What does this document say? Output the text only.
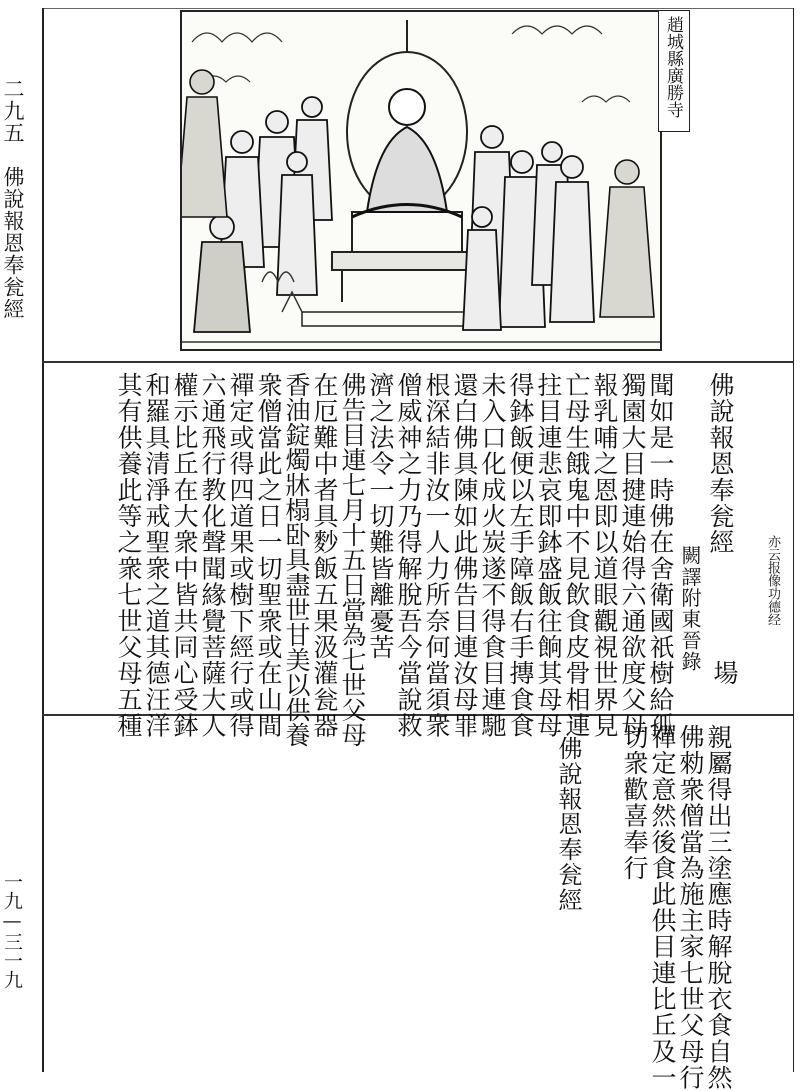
二九五　佛說報恩奉瓮經
一九—三一九
趙城縣廣勝寺
佛說報恩奉瓮經
亦云报像功德经
闕譯附東晉錄
場
聞如是一時佛在舍衛國祇樹給孤
獨園大目揵連始得六通欲度父母
報乳哺之恩即以道眼觀視世界見
亡母生餓鬼中不見飲食皮骨相連
拄目連悲哀即鉢盛飯往餉其母母
得鉢飯便以左手障飯右手摶食食
未入口化成火炭遂不得食目連馳
還白佛具陳如此佛告目連汝母罪
根深結非汝一人力所奈何當須衆
僧威神之力乃得解脫吾今當說救
濟之法令一切難皆離憂苦
佛告目連七月十五日當為七世父母
在厄難中者具麨飯五果汲灌瓮器
香油錠燭牀榻卧具盡世甘美以供養
衆僧當此之日一切聖衆或在山間
禪定或得四道果或樹下經行或得
六通飛行教化聲聞緣覺菩薩大人
權示比丘在大衆中皆共同心受鉢
和羅具清淨戒聖衆之道其德汪洋
其有供養此等之衆七世父母五種
親屬得出三塗應時解脫衣食自然
佛勑衆僧當為施主家七世父母行
禪定意然後食此供目連比丘及一
切衆歡喜奉行
佛說報恩奉瓮經
